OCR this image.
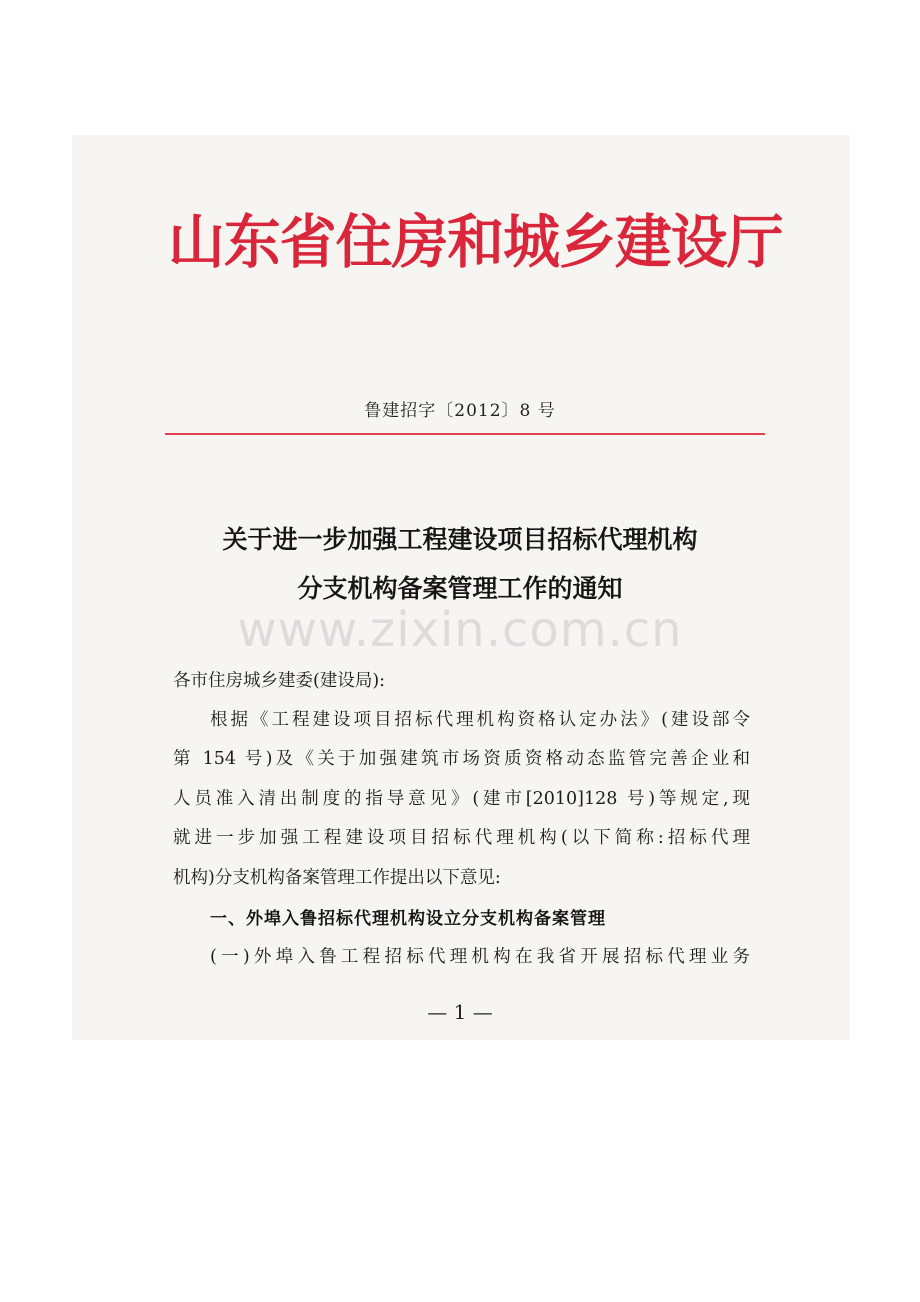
山东省住房和城乡建设厅
鲁建招字〔2012〕8 号
关于进一步加强工程建设项目招标代理机构
分支机构备案管理工作的通知
www.zixin.com.cn
各市住房城乡建委(建设局):
根据《工程建设项目招标代理机构资格认定办法》(建设部令
第 154 号)及《关于加强建筑市场资质资格动态监管完善企业和
人员准入清出制度的指导意见》(建市[2010]128 号)等规定,现
就进一步加强工程建设项目招标代理机构(以下简称:招标代理
机构)分支机构备案管理工作提出以下意见:
一、外埠入鲁招标代理机构设立分支机构备案管理
(一)外埠入鲁工程招标代理机构在我省开展招标代理业务
— 1 —
